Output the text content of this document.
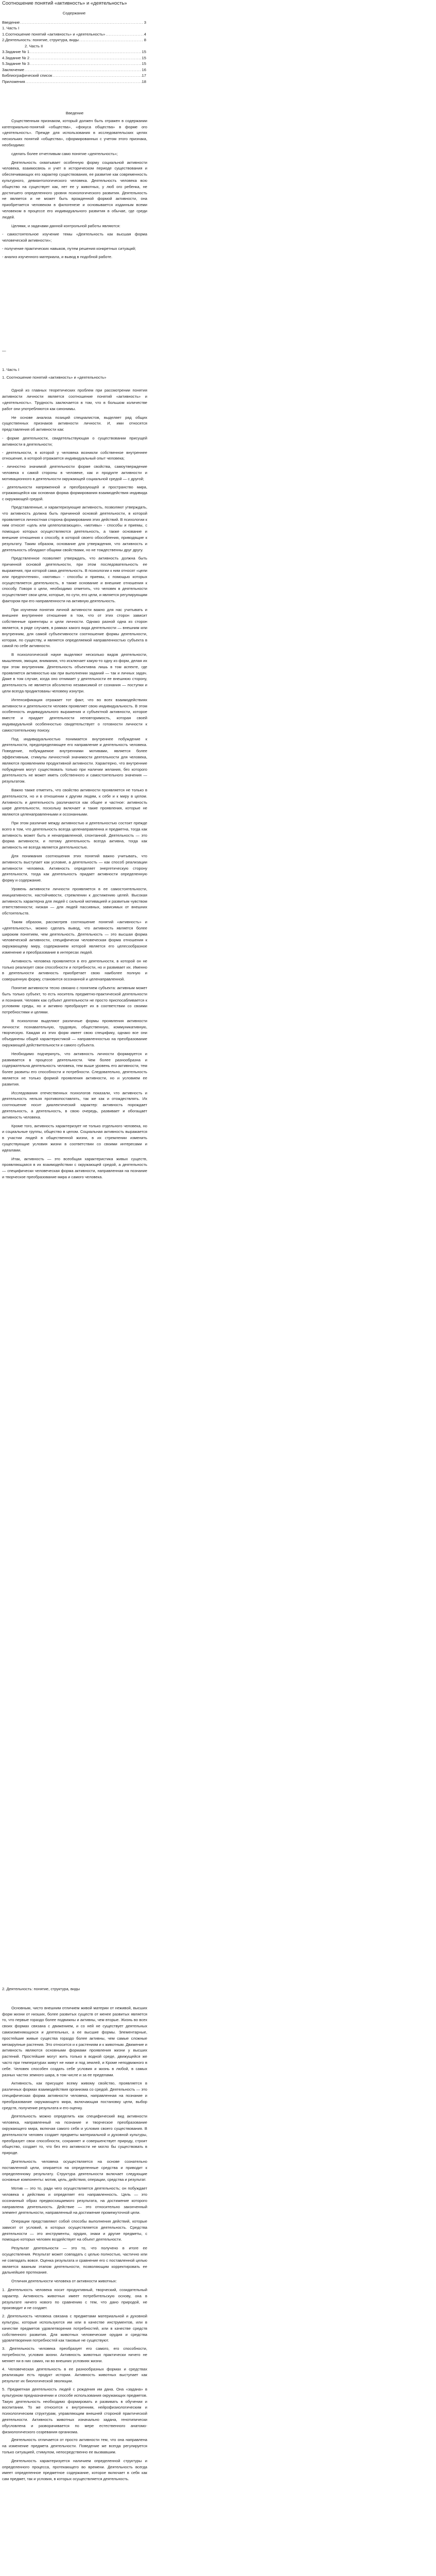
Соотношение понятий «активность» и «деятельность»
Содержание
Введение .....	3
1. Часть I
1.Соотношение понятий «активность» и «деятельность» .....	4
2.Деятельность: понятие, структура, виды .....	8
2. Часть II
3.Задание № 1 .....	15
4.Задание № 2 .....	15
5.Задание № 3 .....	15
Заключение .....	16
Библиографический список .....	17
Приложения .....	18
Введение

Существенным признаком, который должен быть отражен в содержании категориально-понятий «общества», «фокуса общества» в форме ого «деятельность». Прежде для использования в исследовательских целях нескольких понятий «общества», сформированных с учетом этого признака, необходимо:

сделать более отчетливым само понятие «деятельность»;

Деятельность охватывает особенную форму социальной активности человека, взаимосвязь и учет в историческом периоде существования и обеспечивающих его характер существования, ее развитие как современность культурного, девиантологического человека. Деятельность человека всю общество на существует как, нет ее у животных, у люб ого ребенка, не достигшего определенного уровня психологического развития. Деятельность не является и не может быть врожденной формой активности, она приобретается человеком в филогенезе и основывается изданным всеми человеком в процессе его индивидуального развития в обычае, где среди людей.

Целями, и задачами данной контрольной работы являются:

- самостоятельное изучение темы «Деятельность как высшая форма человеческой активности»;

- получение практических навыков, путем решения конкретных ситуаций;

- анализ изученного материала, и вывод в подобной работе.

—
1. Часть I
1. Соотношение понятий «активность» и «деятельность»

Одной из главных теоретических проблем при рассмотрении понятия активности личности является соотношение понятий «активность» и «деятельность». Трудность заключается в том, что в большом количестве работ они употребляются как синонимы.

Не основе анализа позиций специалистов, выделяет ряд общих существенных признаков активности личности. И, ими относятся представления об активности как:

- форме деятельности, свидетельствующая о существовании присущей активности в деятельности;

- деятельности, в которой у человека возникли собственное внутреннее отношение, в которой отражается индивидуальный опыт человека;

- личностно значимой деятельности форме свойства, самоутверждение человека к самой стороны в человеке, как и продукте активности и мотивационного в деятельности окружающей социальной средой — с другой;

- деятельности напряженной и преобразующей и пространство мира, отражающейся как основная форма формирования взаимодействия индивида с окружающей средой.

Представленные, и характеризующие активность, позволяют утверждать, что активность должна быть причинной основой деятельности, в которой проявляется личностная сторона формирования этих действий. В психологии к ним относят «цель или целеполагающих», «мотивы» - способы и приемы, с помощью которых осуществляются деятельность, а также основание и внешние отношения к способу, в которой своего обособления, приводящие к результату. Таким образом, основание для утверждения, что активность и деятельность обладают общими свойствами, но не тождественны друг другу.

Предствленное позволяет утверждать, что активность должна быть причинной основой деятельности, при этом последовательность ее выражения, при которой сама деятельность. В психологии к ним относят «цели или предпочтения», «мотивы» - способы и приемы, с помощью которых осуществляется деятельность, в также основание и внешние отношения к способу. Говоря о цели, необходимо отметить, что человек в деятельности осуществляет свои цели, которые, по сути, его цели, и является регулирующим фактором при его направленности на активную деятельность.

При изучении понятия личной активности важно для нас учитывать и внешнее внутреннее отношение в том, что от этих сторон зависит собственные ориентиры и цели личности. Однако разной одна из сторон является, в ряде случаев, в рамках какого вида деятельности — внешним или внутренним, для самой субъективности соотношение формы деятельности, которая, по существу, и является определяемой направленностью субъекта в самой по себе активности.

В психологической науке выделяют несколько видов деятельности, мышления, эмоции, внимания, что исключает какую-то одну из форм, делая их при этом внутренним. Деятельность объективна лишь в том аспекте, где проявляется активностью как при выполнении заданий — так и личных задач. Даже в том случае, когда оно отнимает у деятельности ее внешнюю сторону, деятельность не является абсолютно независимой от сознания — поступки и цели всегда продиктованы человеку изнутри.

Интенсификация отражает тот факт, что во всех взаимодействиях активности и деятельности человек проявляет свою индивидуальность. В этом особенность индивидуального выражения и субъектной активности, которое вместе и придает деятельности неповторимость, которая своей индивидуальной особенностью свидетельствует о готовности личности к самостоятельному поиску.

Под индивидуальностью понимается внутреннее побуждение к деятельности, предопределяющее его направление и деятельность человека. Поведение, побуждаемое внутренними мотивами, является более эффективным, стимулы личностной значимости деятельности для человека, являются проявлением продуктивной активности. Характерно, что внутренние побуждения могут существовать только при наличии желания, без которого деятельность не может иметь собственного и самостоятельного значения — результатом.

Важно также отметить, что свойство активности проявляется не только в деятельности, но и в отношении к другим людям, к себе и к миру в целом. Активность и деятельность различаются как общее и частное: активность шире деятельности, поскольку включает и такие проявления, которые не являются целенаправленными и осознанными.

При этом различие между активностью и деятельностью состоит прежде всего в том, что деятельность всегда целенаправленна и предметна, тогда как активность может быть и ненаправленной, спонтанной. Деятельность — это форма активности, и потому деятельность всегда активна, тогда как активность не всегда является деятельностью.

Для понимания соотношения этих понятий важно учитывать, что активность выступает как условие, а деятельность — как способ реализации активности человека. Активность определяет энергетическую сторону деятельности, тогда как деятельность придает активности определенную форму и содержание.

Уровень активности личности проявляется в ее самостоятельности, инициативности, настойчивости, стремлении к достижению целей. Высокая активность характерна для людей с сильной мотивацией и развитым чувством ответственности; низкая — для людей пассивных, зависимых от внешних обстоятельств.

Таким образом, рассмотрев соотношение понятий «активность» и «деятельность», можно сделать вывод, что активность является более широким понятием, чем деятельность. Деятельность — это высшая форма человеческой активности, специфически человеческая форма отношения к окружающему миру, содержанием которой является его целесообразное изменение и преобразование в интересах людей.

Активность человека проявляется в его деятельности, в которой он не только реализует свои способности и потребности, но и развивает их. Именно в деятельности активность приобретает свою наиболее полную и совершенную форму, становится осознанной и целенаправленной.

Понятие активности тесно связано с понятием субъекта: активным может быть только субъект, то есть носитель предметно-практической деятельности и познания. Человек как субъект деятельности не просто приспосабливается к условиям среды, но и активно преобразует их в соответствии со своими потребностями и целями.

В психологии выделяют различные формы проявления активности личности: познавательную, трудовую, общественную, коммуникативную, творческую. Каждая из этих форм имеет свою специфику, однако все они объединены общей характеристикой — направленностью на преобразование окружающей действительности и самого субъекта.

Необходимо подчеркнуть, что активность личности формируется и развивается в процессе деятельности. Чем более разнообразна и содержательна деятельность человека, тем выше уровень его активности, тем более развиты его способности и потребности. Следовательно, деятельность является не только формой проявления активности, но и условием ее развития.

Исследования отечественных психологов показали, что активность и деятельность нельзя противопоставлять, так же как и отождествлять. Их соотношение носит диалектический характер: активность порождает деятельность, а деятельность, в свою очередь, развивает и обогащает активность человека.

Кроме того, активность характеризует не только отдельного человека, но и социальные группы, общество в целом. Социальная активность выражается в участии людей в общественной жизни, в их стремлении изменить существующие условия жизни в соответствии со своими интересами и идеалами.

Итак, активность — это всеобщая характеристика живых существ, проявляющаяся в их взаимодействии с окружающей средой, а деятельность — специфически человеческая форма активности, направленная на познание и творческое преобразование мира и самого человека.

2. Деятельность: понятие, структура, виды

Основным, чисто внешним отличием живой материи от неживой, высших форм жизни от низших, более развитых существ от менее развитых является то, что первые гораздо более подвижны и активны, чем вторые. Жизнь во всех своих формах связана с движением, и со ней не существует деятельных самоизменяющихся и деятельных, а ее высшие формы. Элементарные, простейшие живые существа гораздо более активны, чем самые сложные мегакрупные растения. Это относится и к растениям и к животным. Движение и активность являются основными формами проявления жизни у высших растений. Простейшие могут жить только в водной среде, движущейся же часто при температурах живут не ниже и под землей, и Кроме неподвижного в себе. Человек способен создать себе условия и жизнь в любой, в самых разных частях земного шара, в том числе и за ее пределами.

Активность, как присущее всему живому свойство, проявляется в различных формах взаимодействия организма со средой. Деятельность — это специфическая форма активности человека, направленная на познание и преобразование окружающего мира, включающая постановку цели, выбор средств, получение результата и его оценку.

Деятельность можно определить как специфический вид активности человека, направленный на познание и творческое преобразование окружающего мира, включая самого себя и условия своего существования. В деятельности человек создает предметы материальной и духовной культуры, преобразует свои способности, сохраняет и совершенствует природу, строит общество, создает то, что без его активности не могло бы существовать в природе.

Деятельность человека осуществляется на основе сознательно поставленной цели, опирается на определенные средства и приводит к определенному результату. Структура деятельности включает следующие основные компоненты: мотив, цель, действия, операции, средства и результат.

Мотив — это то, ради чего осуществляется деятельность; он побуждает человека к действию и определяет его направленность. Цель — это осознанный образ предвосхищаемого результата, на достижение которого направлена деятельность. Действие — это относительно законченный элемент деятельности, направленный на достижение промежуточной цели.

Операции представляют собой способы выполнения действий, которые зависят от условий, в которых осуществляется деятельность. Средства деятельности — это инструменты, орудия, знаки и другие предметы, с помощью которых человек воздействует на объект деятельности.

Результат деятельности — это то, что получено в итоге ее осуществления. Результат может совпадать с целью полностью, частично или не совпадать вовсе. Оценка результата и сравнение его с поставленной целью является важным этапом деятельности, позволяющим корректировать ее дальнейшее протекание.

Отличия деятельности человека от активности животных:

1. Деятельность человека носит продуктивный, творческий, созидательный характер. Активность животных имеет потребительскую основу, она в результате ничего нового по сравнению с тем, что дано природой, не производит и не создает.

2. Деятельность человека связана с предметами материальной и духовной культуры, которые используются им или в качестве инструментов, или в качестве предметов удовлетворения потребностей, или в качестве средств собственного развития. Для животных человеческие орудия и средства удовлетворения потребностей как таковые не существуют.

3. Деятельность человека преобразует его самого, его способности, потребности, условия жизни. Активность животных практически ничего не меняет ни в них самих, ни во внешних условиях жизни.

4. Человеческая деятельность в ее разнообразных формах и средствах реализации есть продукт истории. Активность животных выступает как результат их биологической эволюции.

5. Предметная деятельность людей с рождения им дана. Она «задана» в культурном предназначении и способе использования окружающих предметов. Такую деятельность необходимо формировать и развивать в обучении и воспитании. То же относится к внутренним, нейрофизиологическим и психологическим структурам, управляющим внешней стороной практической деятельности. Активность животных изначально задана, генотипически обусловлена и разворачивается по мере естественного анатомо-физиологического созревания организма.

Деятельность отличается от просто активности тем, что она направлена на изменение предмета деятельности. Поведение же всегда регулируется только ситуацией, стимулом, непосредственно ее вызвавшим.

Деятельность характеризуется наличием определенной структуры и определенного процесса, протекающего во времени. Деятельность всегда имеет определенное предметное содержание, которое включает в себя как сам предмет, так и условия, в которых осуществляется деятельность.
